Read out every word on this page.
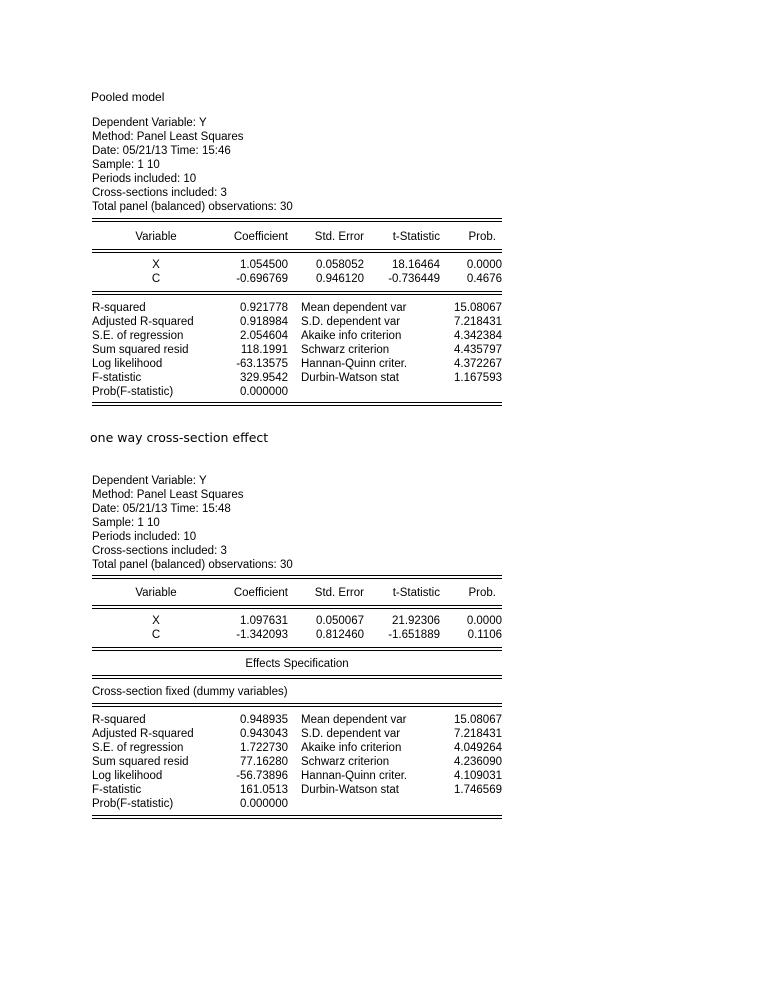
Pooled model
Dependent Variable: Y
Method: Panel Least Squares
Date: 05/21/13 Time: 15:46
Sample: 1 10
Periods included: 10
Cross-sections included: 3
Total panel (balanced) observations: 30
Variable	Coefficient	Std. Error	t-Statistic	Prob.
X	1.054500	0.058052	18.16464	0.0000
C	-0.696769	0.946120	-0.736449	0.4676
R-squared	0.921778 Mean dependent var	15.08067
Adjusted R-squared	0.918984 S.D. dependent var	7.218431
S.E. of regression	2.054604 Akaike info criterion	4.342384
Sum squared resid	118.1991 Schwarz criterion	4.435797
Log likelihood	-63.13575 Hannan-Quinn criter.	4.372267
F-statistic	329.9542 Durbin-Watson stat	1.167593
Prob(F-statistic)	0.000000
one way cross-section effect
Dependent Variable: Y
Method: Panel Least Squares
Date: 05/21/13 Time: 15:48
Sample: 1 10
Periods included: 10
Cross-sections included: 3
Total panel (balanced) observations: 30
Variable	Coefficient	Std. Error	t-Statistic	Prob.
X	1.097631	0.050067	21.92306	0.0000
C	-1.342093	0.812460	-1.651889	0.1106
Effects Specification
Cross-section fixed (dummy variables)
R-squared	0.948935 Mean dependent var	15.08067
Adjusted R-squared	0.943043 S.D. dependent var	7.218431
S.E. of regression	1.722730 Akaike info criterion	4.049264
Sum squared resid	77.16280 Schwarz criterion	4.236090
Log likelihood	-56.73896 Hannan-Quinn criter.	4.109031
F-statistic	161.0513 Durbin-Watson stat	1.746569
Prob(F-statistic)	0.000000
